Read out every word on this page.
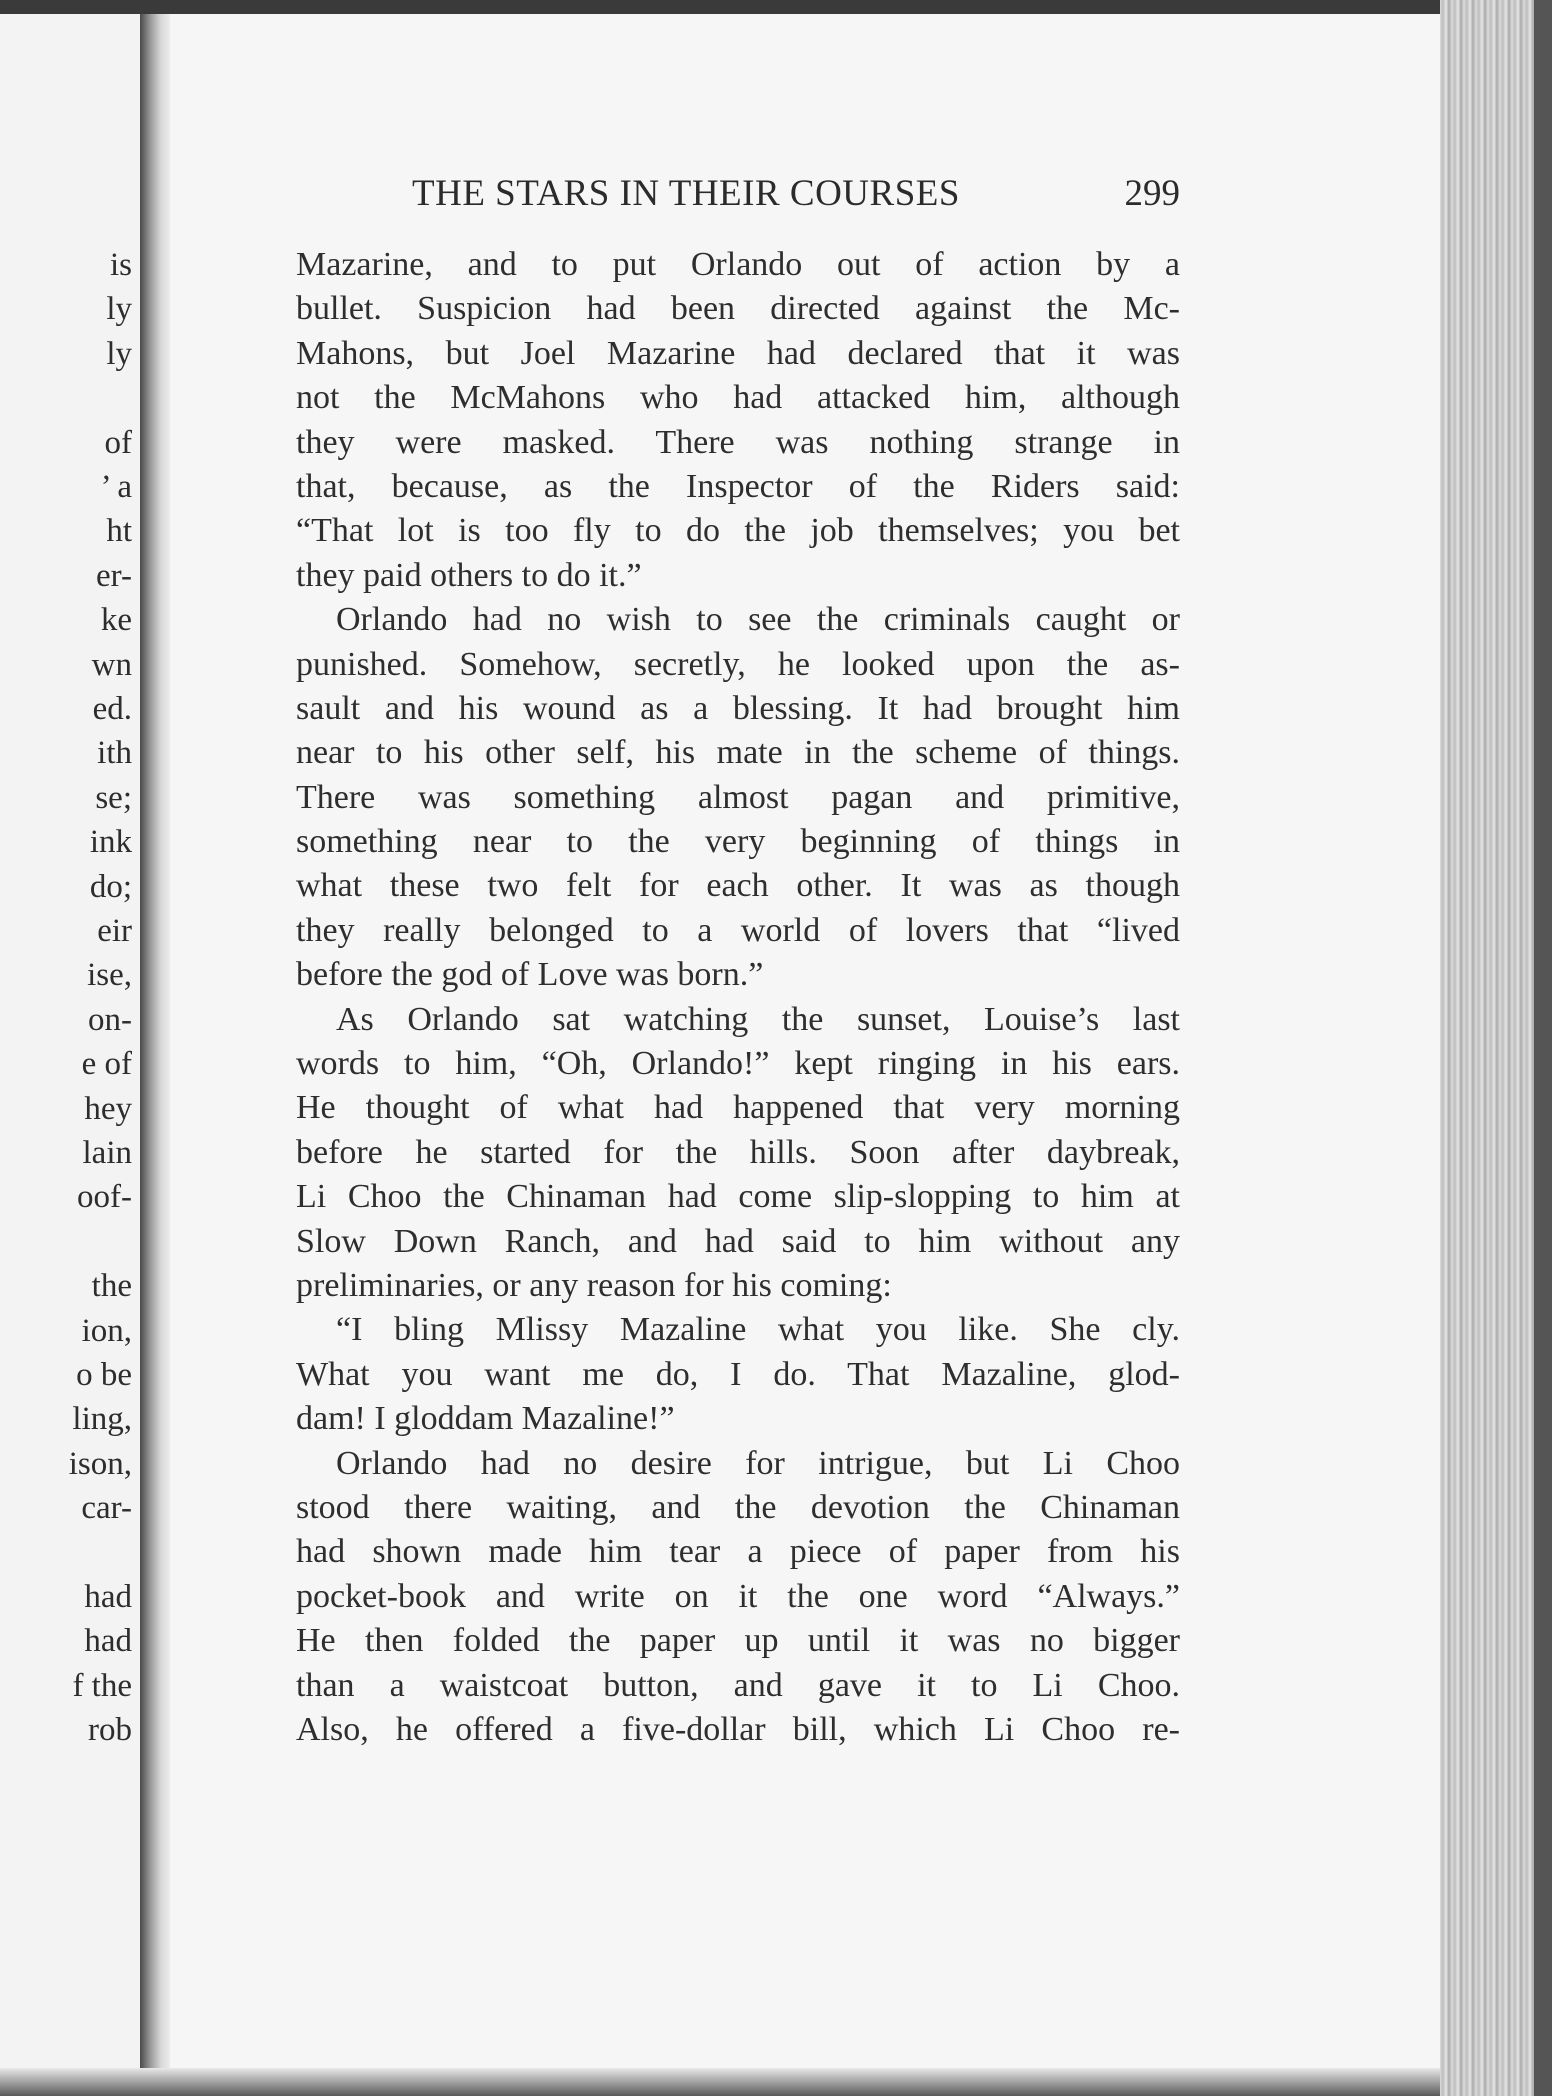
is
ly
ly
of
’ a
ht
er-
ke
wn
ed.
ith
se;
ink
do;
eir
ise,
on-
e of
hey
lain
oof-
the
ion,
o be
ling,
ison,
car-
had
had
f the
rob
THE STARS IN THEIR COURSES	299
Mazarine, and to put Orlando out of action by a
bullet. Suspicion had been directed against the Mc-
Mahons, but Joel Mazarine had declared that it was
not the McMahons who had attacked him, although
they were masked. There was nothing strange in
that, because, as the Inspector of the Riders said:
“That lot is too fly to do the job themselves; you bet
they paid others to do it.”
Orlando had no wish to see the criminals caught or
punished. Somehow, secretly, he looked upon the as-
sault and his wound as a blessing. It had brought him
near to his other self, his mate in the scheme of things.
There was something almost pagan and primitive,
something near to the very beginning of things in
what these two felt for each other. It was as though
they really belonged to a world of lovers that “lived
before the god of Love was born.”
As Orlando sat watching the sunset, Louise’s last
words to him, “Oh, Orlando!” kept ringing in his ears.
He thought of what had happened that very morning
before he started for the hills. Soon after daybreak,
Li Choo the Chinaman had come slip-slopping to him at
Slow Down Ranch, and had said to him without any
preliminaries, or any reason for his coming:
“I bling Mlissy Mazaline what you like. She cly.
What you want me do, I do. That Mazaline, glod-
dam! I gloddam Mazaline!”
Orlando had no desire for intrigue, but Li Choo
stood there waiting, and the devotion the Chinaman
had shown made him tear a piece of paper from his
pocket-book and write on it the one word “Always.”
He then folded the paper up until it was no bigger
than a waistcoat button, and gave it to Li Choo.
Also, he offered a five-dollar bill, which Li Choo re-
